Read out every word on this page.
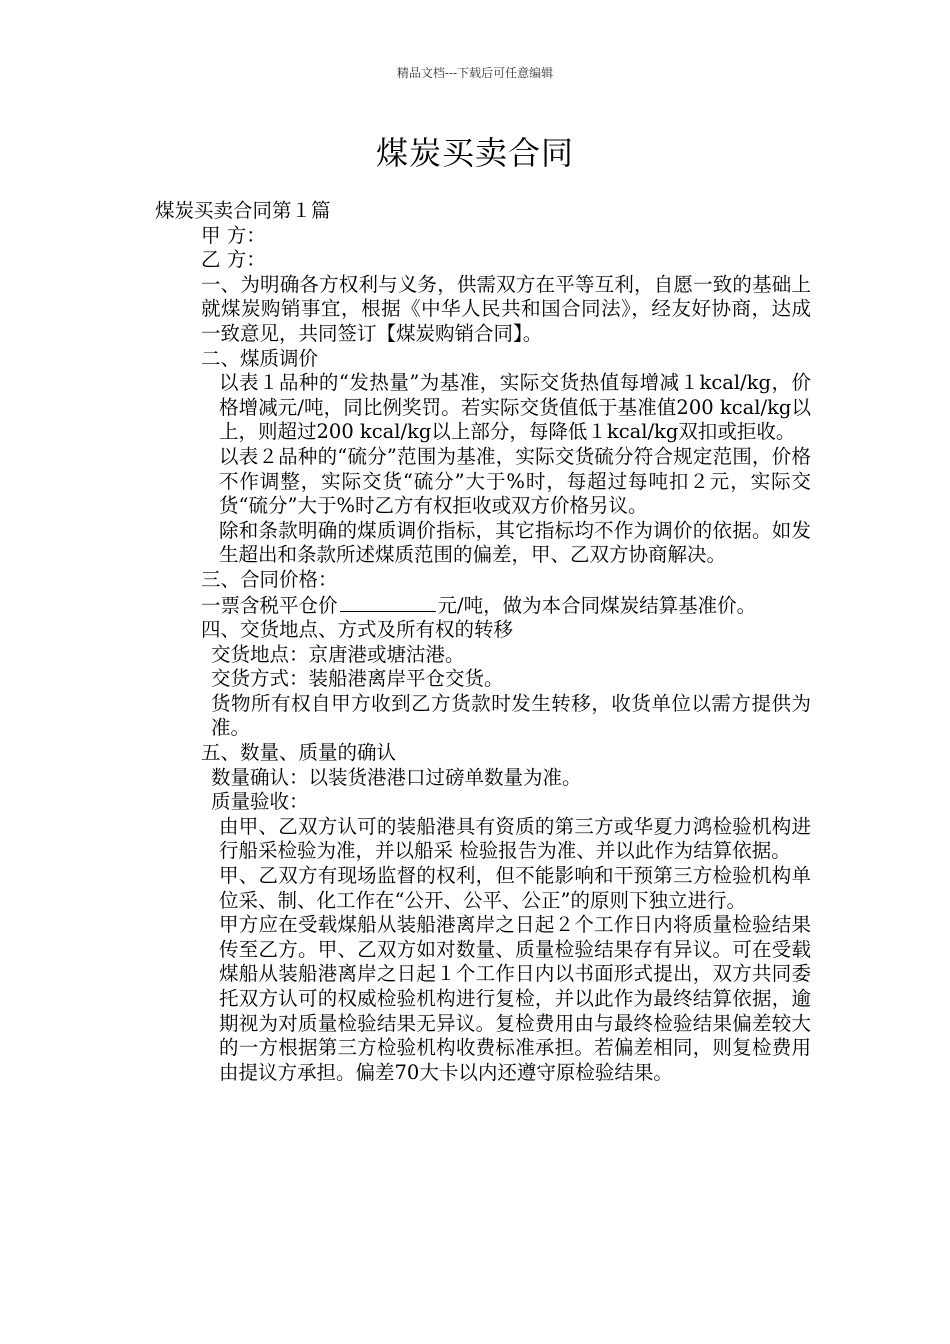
精品文档---下载后可任意编辑
煤炭买卖合同

煤炭买卖合同第１篇

甲 方：

乙 方：

一、为明确各方权利与义务，供需双方在平等互利，自愿一致的基础上就煤炭购销事宜，根据《中华人民共和国合同法》，经友好协商，达成一致意见，共同签订【煤炭购销合同】。

二、煤质调价

以表１品种的“发热量”为基准，实际交货热值每增减１kcal/kg，价格增减元/吨，同比例奖罚。若实际交货值低于基准值200 kcal/kg以上，则超过200 kcal/kg以上部分，每降低１kcal/kg双扣或拒收。

以表２品种的“硫分”范围为基准，实际交货硫分符合规定范围，价格不作调整，实际交货“硫分”大于%时，每超过每吨扣２元，实际交货“硫分”大于%时乙方有权拒收或双方价格另议。

除和条款明确的煤质调价指标，其它指标均不作为调价的依据。如发生超出和条款所述煤质范围的偏差，甲、乙双方协商解决。

三、合同价格：

一票含税平仓价	元/吨，做为本合同煤炭结算基准价。

四、交货地点、方式及所有权的转移

交货地点：京唐港或塘沽港。

交货方式：装船港离岸平仓交货。

货物所有权自甲方收到乙方货款时发生转移，收货单位以需方提供为准。

五、数量、质量的确认

数量确认：以装货港港口过磅单数量为准。

质量验收：

由甲、乙双方认可的装船港具有资质的第三方或华夏力鸿检验机构进行船采检验为准，并以船采 检验报告为准、并以此作为结算依据。

甲、乙双方有现场监督的权利，但不能影响和干预第三方检验机构单位采、制、化工作在“公开、公平、公正”的原则下独立进行。

甲方应在受载煤船从装船港离岸之日起２个工作日内将质量检验结果传至乙方。甲、乙双方如对数量、质量检验结果存有异议。可在受载煤船从装船港离岸之日起１个工作日内以书面形式提出，双方共同委托双方认可的权威检验机构进行复检，并以此作为最终结算依据，逾期视为对质量检验结果无异议。复检费用由与最终检验结果偏差较大的一方根据第三方检验机构收费标准承担。若偏差相同，则复检费用由提议方承担。偏差70大卡以内还遵守原检验结果。
